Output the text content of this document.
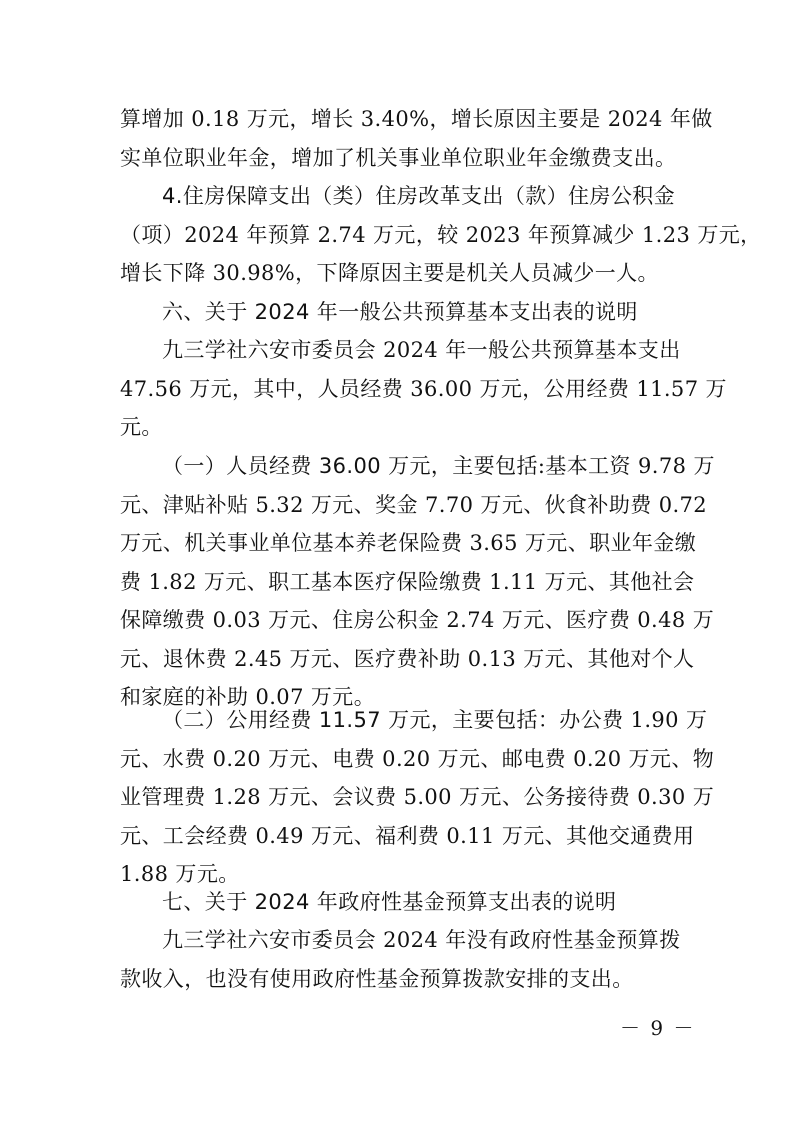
算增加 0.18 万元，增长 3.40%，增长原因主要是 2024 年做
实单位职业年金，增加了机关事业单位职业年金缴费支出。
4.住房保障支出（类）住房改革支出（款）住房公积金
（项）2024 年预算 2.74 万元，较 2023 年预算减少 1.23 万元，
增长下降 30.98%，下降原因主要是机关人员减少一人。
六、关于 2024 年一般公共预算基本支出表的说明
九三学社六安市委员会 2024 年一般公共预算基本支出
47.56 万元，其中，人员经费 36.00 万元，公用经费 11.57 万
元。
（一）人员经费 36.00 万元，主要包括:基本工资 9.78 万
元、津贴补贴 5.32 万元、奖金 7.70 万元、伙食补助费 0.72
万元、机关事业单位基本养老保险费 3.65 万元、职业年金缴
费 1.82 万元、职工基本医疗保险缴费 1.11 万元、其他社会
保障缴费 0.03 万元、住房公积金 2.74 万元、医疗费 0.48 万
元、退休费 2.45 万元、医疗费补助 0.13 万元、其他对个人
和家庭的补助 0.07 万元。
（二）公用经费 11.57 万元，主要包括：办公费 1.90 万
元、水费 0.20 万元、电费 0.20 万元、邮电费 0.20 万元、物
业管理费 1.28 万元、会议费 5.00 万元、公务接待费 0.30 万
元、工会经费 0.49 万元、福利费 0.11 万元、其他交通费用
1.88 万元。
七、关于 2024 年政府性基金预算支出表的说明
九三学社六安市委员会 2024 年没有政府性基金预算拨
款收入，也没有使用政府性基金预算拨款安排的支出。
－ 9 －
